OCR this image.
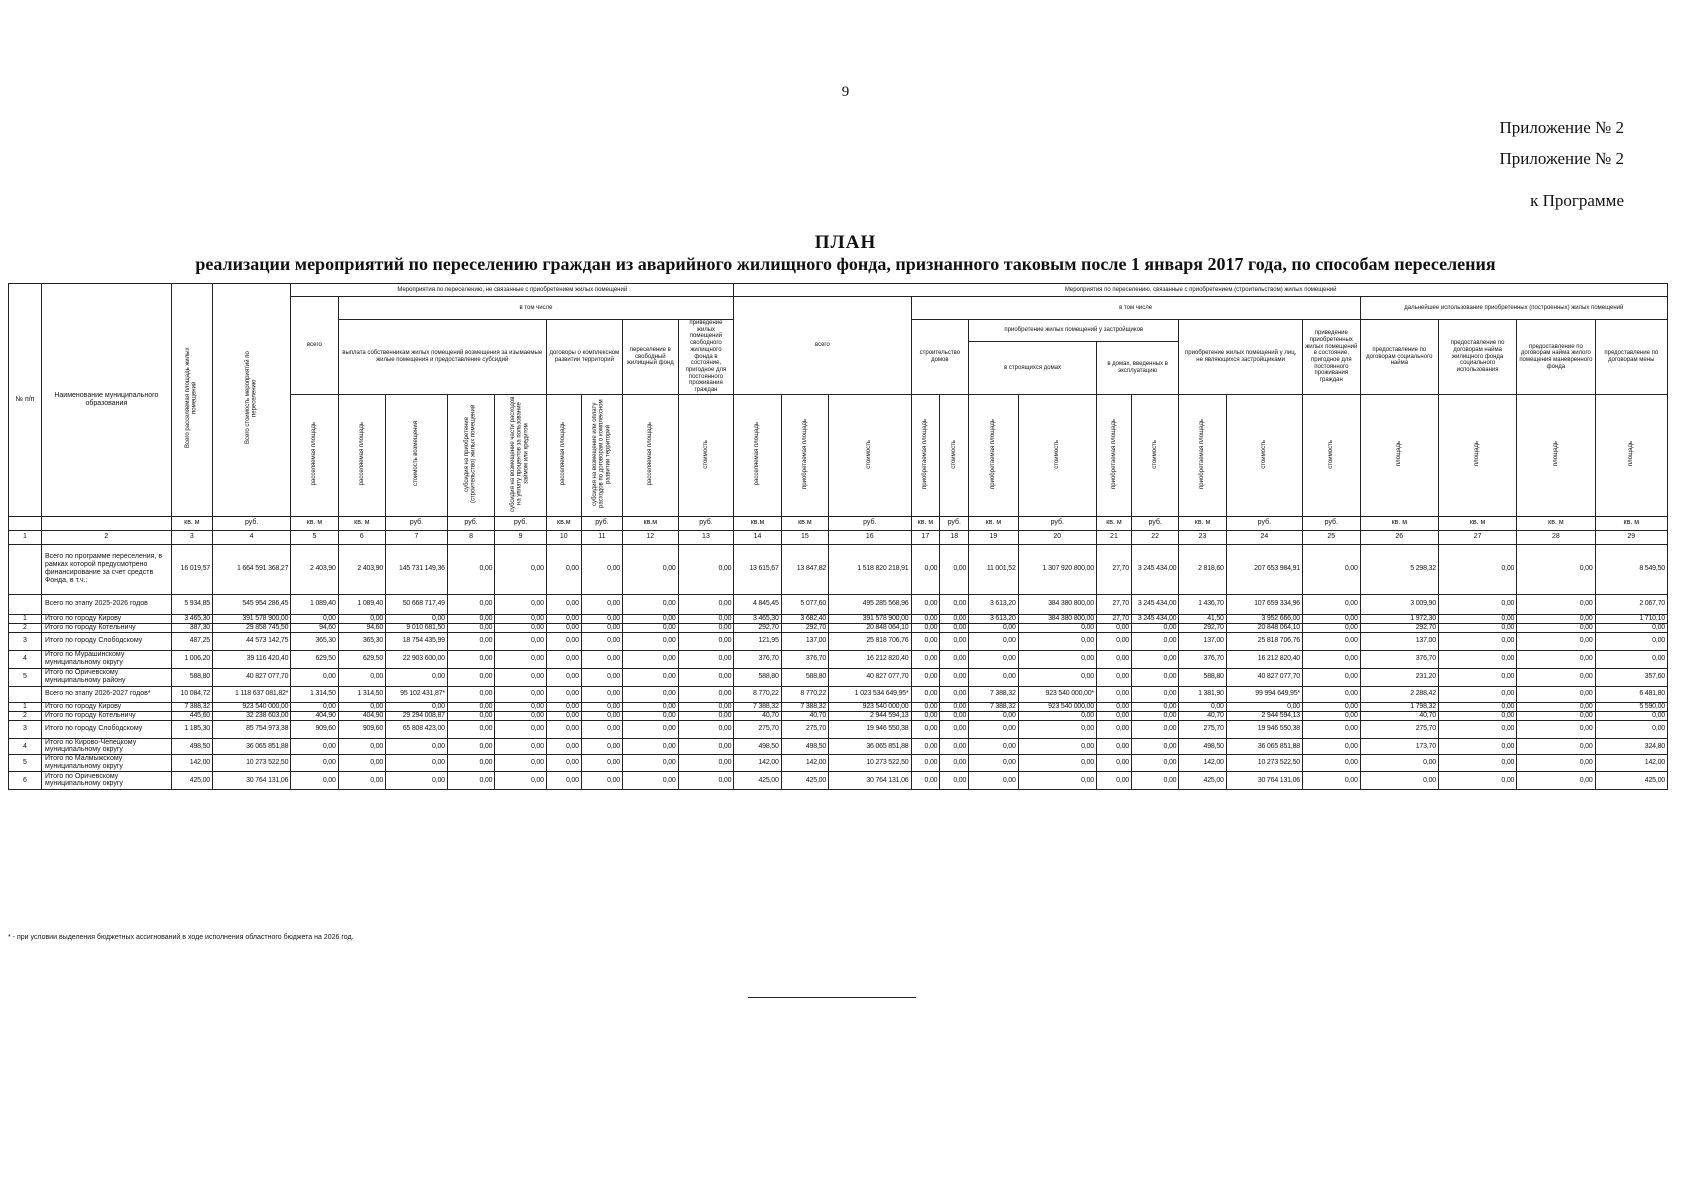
9
Приложение № 2
Приложение № 2
к Программе
ПЛАН
реализации мероприятий по переселению граждан из аварийного жилищного фонда, признанного таковым после 1 января 2017 года, по способам переселения
№ п/п	Наименование муниципального образования	Всего расселяемая площадь жилых помещений	Всего стоимость мероприятий по переселению	Мероприятия по переселению, не связанные с приобретением жилых помещений									Мероприятия по переселению, связанные с приобретением (строительством) жилых помещений															
				всего	в том числе								всего			в том числе									дальнейшее использование приобретенных (построенных) жилых помещений			
					выплата собственникам жилых помещений возмещения за изымаемые жилые помещения и предоставление субсидий				договоры о комплексном развитии территорий		переселение в свободный жилищный фонд	приведение жилых помещений свободного жилищного фонда в состояние, пригодное для постоянного проживания граждан				строительство домов		приобретение жилых помещений у застройщиков				приобретение жилых помещений у лиц, не являющихся застройщиками		приведение приобретенных жилых помещений в состояние, пригодное для постоянного проживания граждан	предоставление по договорам социального найма	предоставление по договорам найма жилищного фонда социального использования	предоставление по договорам найма жилого помещения маневренного фонда	предоставление по договорам мены
																		в строящихся домах		в домах, введенных в эксплуатацию								
				расселяемая площадь	расселяемая площадь	стоимость возмещения	субсидия на приобретение (строительство) жилых помещений	субсидия на возмещение части расходов на уплату процентов за пользование займом или кредитом	расселяемая площадь	субсидия на возмещение или оплату расходов по договорам о комплексном развитии территорий	расселяемая площадь	стоимость	расселяемая площадь	приобретаемая площадь	стоимость	приобретаемая площадь	стоимость	приобретаемая площадь	стоимость	приобретаемая площадь	стоимость	приобретаемая площадь	стоимость	стоимость	площадь	площадь	площадь	площадь
		кв. м	руб.	кв. м	кв. м	руб.	руб.	руб.	кв.м	руб.	кв.м	руб.	кв.м	кв.м	руб.	кв. м	руб.	кв. м	руб.	кв. м	руб.	кв. м	руб.	руб.	кв. м	кв. м	кв. м	кв. м
1	2	3	4	5	6	7	8	9	10	11	12	13	14	15	16	17	18	19	20	21	22	23	24	25	26	27	28	29
	Всего по программе переселения, в рамках которой предусмотрено финансирование за счет средств Фонда, в т.ч.:	16 019,57	1 664 591 368,27	2 403,90	2 403,90	145 731 149,36	0,00	0,00	0,00	0,00	0,00	0,00	13 615,67	13 847,82	1 518 820 218,91	0,00	0,00	11 001,52	1 307 920 800,00	27,70	3 245 434,00	2 818,60	207 653 984,91	0,00	5 298,32	0,00	0,00	8 549,50
	Всего по этапу 2025-2026 годов	5 934,85	545 954 286,45	1 089,40	1 089,40	50 668 717,49	0,00	0,00	0,00	0,00	0,00	0,00	4 845,45	5 077,60	495 285 568,96	0,00	0,00	3 613,20	384 380 800,00	27,70	3 245 434,00	1 436,70	107 659 334,96	0,00	3 009,90	0,00	0,00	2 067,70
1	Итого по городу Кирову	3 465,30	391 578 900,00	0,00	0,00	0,00	0,00	0,00	0,00	0,00	0,00	0,00	3 465,30	3 682,40	391 578 900,00	0,00	0,00	3 613,20	384 380 800,00	27,70	3 245 434,00	41,50	3 952 666,00	0,00	1 972,30	0,00	0,00	1 710,10
2	Итого по городу Котельничу	387,30	29 858 745,50	94,60	94,60	9 010 681,50	0,00	0,00	0,00	0,00	0,00	0,00	292,70	292,70	20 848 064,10	0,00	0,00	0,00	0,00	0,00	0,00	292,70	20 848 064,10	0,00	292,70	0,00	0,00	0,00
3	Итого по городу Слободскому	487,25	44 573 142,75	365,30	365,30	18 754 435,99	0,00	0,00	0,00	0,00	0,00	0,00	121,95	137,00	25 818 706,76	0,00	0,00	0,00	0,00	0,00	0,00	137,00	25 818 706,76	0,00	137,00	0,00	0,00	0,00
4	Итого по Мурашинскому муниципальному округу	1 006,20	39 116 420,40	629,50	629,50	22 903 600,00	0,00	0,00	0,00	0,00	0,00	0,00	376,70	376,70	16 212 820,40	0,00	0,00	0,00	0,00	0,00	0,00	376,70	16 212 820,40	0,00	376,70	0,00	0,00	0,00
5	Итого по Оричевскому муниципальному району	588,80	40 827 077,70	0,00	0,00	0,00	0,00	0,00	0,00	0,00	0,00	0,00	588,80	588,80	40 827 077,70	0,00	0,00	0,00	0,00	0,00	0,00	588,80	40 827 077,70	0,00	231,20	0,00	0,00	357,60
	Всего по этапу 2026-2027 годов*	10 084,72	1 118 637 081,82*	1 314,50	1 314,50	95 102 431,87*	0,00	0,00	0,00	0,00	0,00	0,00	8 770,22	8 770,22	1 023 534 649,95*	0,00	0,00	7 388,32	923 540 000,00*	0,00	0,00	1 381,90	99 994 649,95*	0,00	2 288,42	0,00	0,00	6 481,80
1	Итого по городу Кирову	7 388,32	923 540 000,00	0,00	0,00	0,00	0,00	0,00	0,00	0,00	0,00	0,00	7 388,32	7 388,32	923 540 000,00	0,00	0,00	7 388,32	923 540 000,00	0,00	0,00	0,00	0,00	0,00	1 798,32	0,00	0,00	5 590,00
2	Итого по городу Котельничу	445,60	32 238 603,00	404,90	404,90	29 294 008,87	0,00	0,00	0,00	0,00	0,00	0,00	40,70	40,70	2 944 594,13	0,00	0,00	0,00	0,00	0,00	0,00	40,70	2 944 594,13	0,00	40,70	0,00	0,00	0,00
3	Итого по городу Слободскому	1 185,30	85 754 973,38	909,60	909,60	65 808 423,00	0,00	0,00	0,00	0,00	0,00	0,00	275,70	275,70	19 946 550,38	0,00	0,00	0,00	0,00	0,00	0,00	275,70	19 946 550,38	0,00	275,70	0,00	0,00	0,00
4	Итого по Кирово-Чепецкому муниципальному округу	498,50	36 065 851,88	0,00	0,00	0,00	0,00	0,00	0,00	0,00	0,00	0,00	498,50	498,50	36 065 851,88	0,00	0,00	0,00	0,00	0,00	0,00	498,50	36 065 851,88	0,00	173,70	0,00	0,00	324,80
5	Итого по Малмыжскому муниципальному округу	142,00	10 273 522,50	0,00	0,00	0,00	0,00	0,00	0,00	0,00	0,00	0,00	142,00	142,00	10 273 522,50	0,00	0,00	0,00	0,00	0,00	0,00	142,00	10 273 522,50	0,00	0,00	0,00	0,00	142,00
6	Итого по Оричевскому муниципальному округу	425,00	30 764 131,06	0,00	0,00	0,00	0,00	0,00	0,00	0,00	0,00	0,00	425,00	425,00	30 764 131,06	0,00	0,00	0,00	0,00	0,00	0,00	425,00	30 764 131,06	0,00	0,00	0,00	0,00	425,00
* - при условии выделения бюджетных ассигнований в ходе исполнения областного бюджета на 2026 год.
